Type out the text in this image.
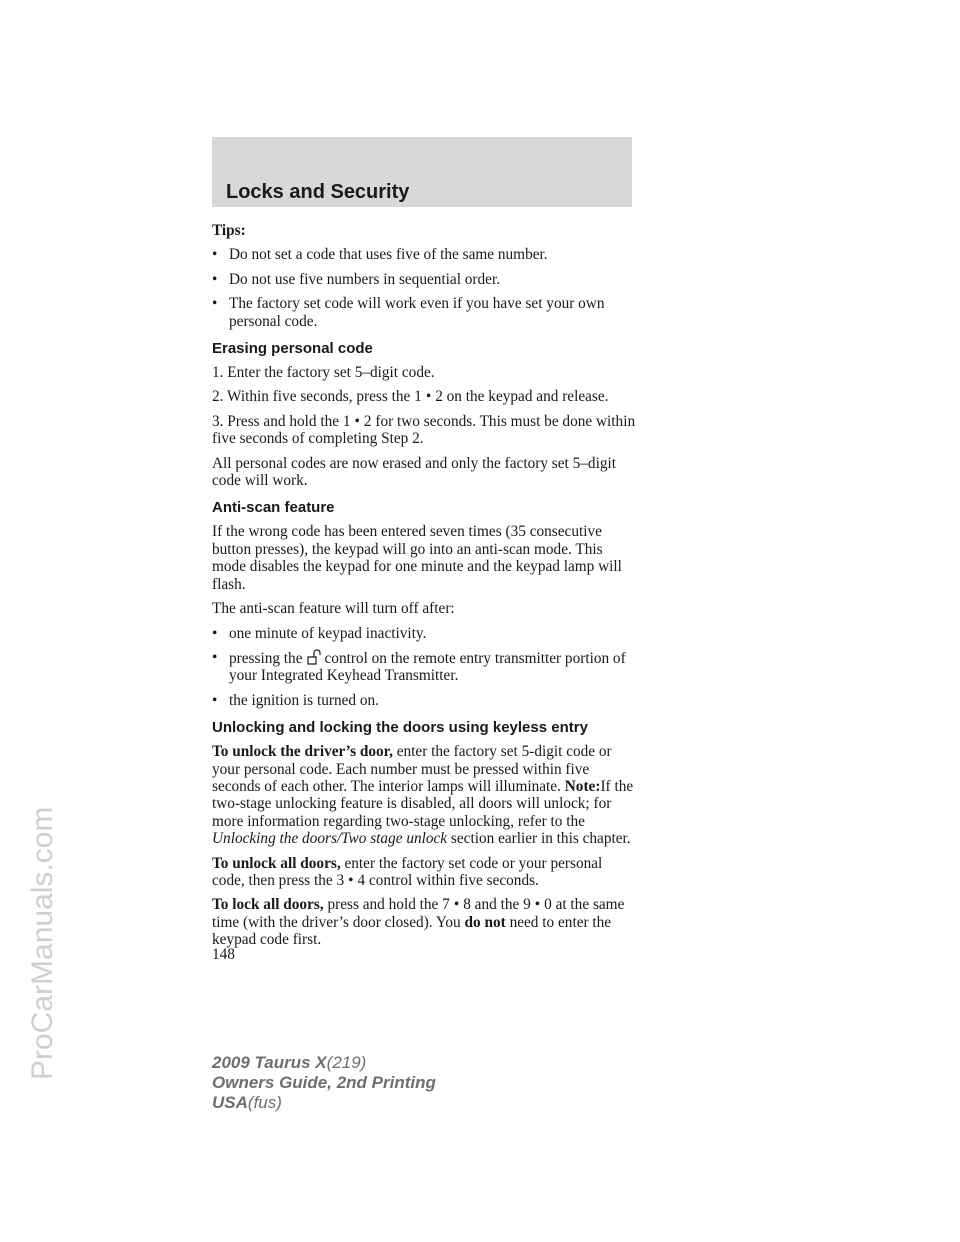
Locks and Security

Tips:

• Do not set a code that uses five of the same number.
• Do not use five numbers in sequential order.
• The factory set code will work even if you have set your own personal code.
Erasing personal code

1. Enter the factory set 5–digit code.

2. Within five seconds, press the 1 • 2 on the keypad and release.

3. Press and hold the 1 • 2 for two seconds. This must be done within five seconds of completing Step 2.

All personal codes are now erased and only the factory set 5–digit code will work.

Anti-scan feature

If the wrong code has been entered seven times (35 consecutive button presses), the keypad will go into an anti-scan mode. This mode disables the keypad for one minute and the keypad lamp will flash.

The anti-scan feature will turn off after:

• one minute of keypad inactivity.
• pressing the control on the remote entry transmitter portion of your Integrated Keyhead Transmitter.
• the ignition is turned on.
Unlocking and locking the doors using keyless entry

To unlock the driver’s door, enter the factory set 5-digit code or your personal code. Each number must be pressed within five seconds of each other. The interior lamps will illuminate. Note:If the two-stage unlocking feature is disabled, all doors will unlock; for more information regarding two-stage unlocking, refer to the Unlocking the doors/Two stage unlock section earlier in this chapter.

To unlock all doors, enter the factory set code or your personal code, then press the 3 • 4 control within five seconds.

To lock all doors, press and hold the 7 • 8 and the 9 • 0 at the same time (with the driver’s door closed). You do not need to enter the keypad code first.

148
2009 Taurus X(219)
Owners Guide, 2nd Printing
USA(fus)
ProCarManuals.com
